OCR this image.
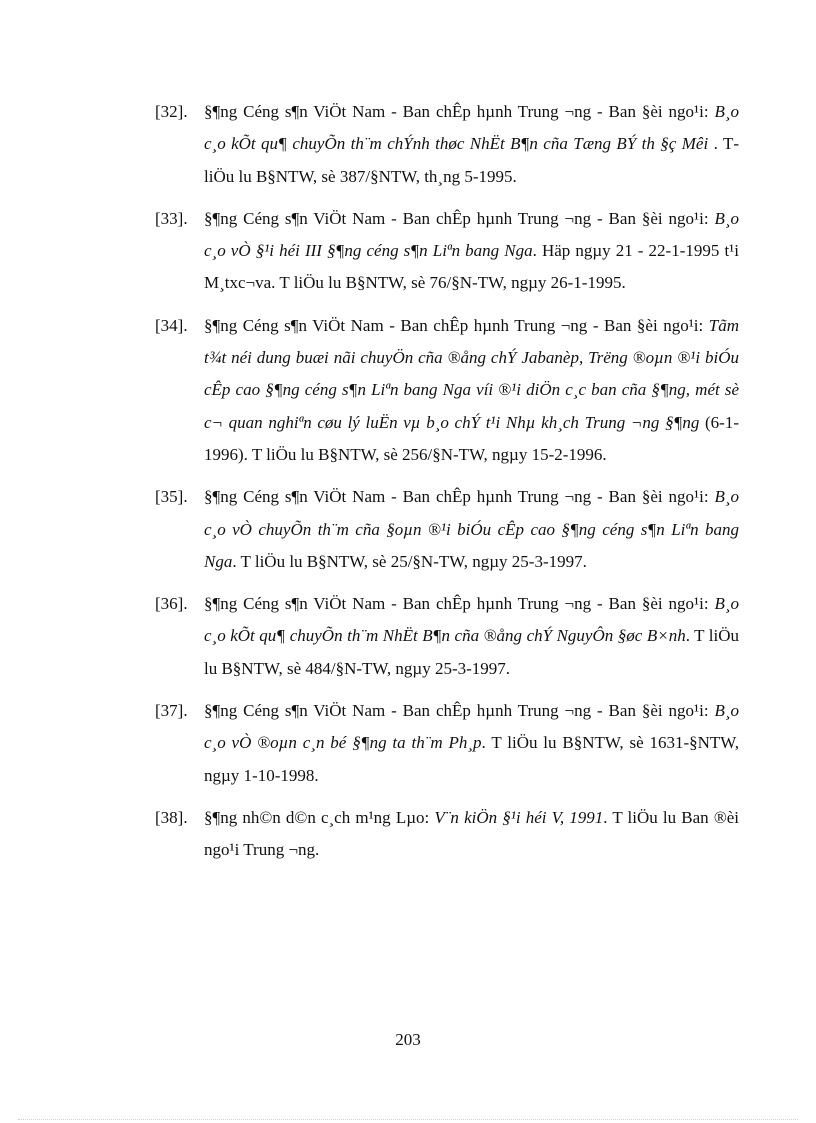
[32]. §¶ng Céng s¶n ViÖt Nam - Ban chÊp hµnh Trung ¬ng - Ban §èi ngo¹i: B¸o c¸o kÕt qu¶ chuyÕn th¨m chÝnh thøc NhËt B¶n cña Tæng BÝ th §ç Mêi . T liÖu lu B§NTW, sè 387/§NTW, th¸ng 5-1995.
[33]. §¶ng Céng s¶n ViÖt Nam - Ban chÊp hµnh Trung ¬ng - Ban §èi ngo¹i: B¸o c¸o vÒ §¹i héi III §¶ng céng s¶n Liªn bang Nga. Häp ngµy 21 - 22-1-1995 t¹i M¸txc¬va. T liÖu lu B§NTW, sè 76/§N-TW, ngµy 26-1-1995.
[34]. §¶ng Céng s¶n ViÖt Nam - Ban chÊp hµnh Trung ¬ng - Ban §èi ngo¹i: Tãm t¾t néi dung buæi nãi chuyÖn cña ®ång chÝ Jabanèp, Trëng ®oµn ®¹i biÓu cÊp cao §¶ng céng s¶n Liªn bang Nga víi ®¹i diÖn c¸c ban cña §¶ng, mét sè c¬ quan nghiªn cøu lý luËn vµ b¸o chÝ t¹i Nhµ kh¸ch Trung ¬ng §¶ng (6-1-1996). T liÖu lu B§NTW, sè 256/§N-TW, ngµy 15-2-1996.
[35]. §¶ng Céng s¶n ViÖt Nam - Ban chÊp hµnh Trung ¬ng - Ban §èi ngo¹i: B¸o c¸o vÒ chuyÕn th¨m cña §oµn ®¹i biÓu cÊp cao §¶ng céng s¶n Liªn bang Nga. T liÖu lu B§NTW, sè 25/§N-TW, ngµy 25-3-1997.
[36]. §¶ng Céng s¶n ViÖt Nam - Ban chÊp hµnh Trung ¬ng - Ban §èi ngo¹i: B¸o c¸o kÕt qu¶ chuyÕn th¨m NhËt B¶n cña ®ång chÝ NguyÔn §øc B×nh. T liÖu lu B§NTW, sè 484/§N-TW, ngµy 25-3-1997.
[37]. §¶ng Céng s¶n ViÖt Nam - Ban chÊp hµnh Trung ¬ng - Ban §èi ngo¹i: B¸o c¸o vÒ ®oµn c¸n bé §¶ng ta th¨m Ph¸p. T liÖu lu B§NTW, sè 1631-§NTW, ngµy 1-10-1998.
[38]. §¶ng nh©n d©n c¸ch m¹ng Lµo: V¨n kiÖn §¹i héi V, 1991. T liÖu lu Ban ®èi ngo¹i Trung ¬ng.
203
